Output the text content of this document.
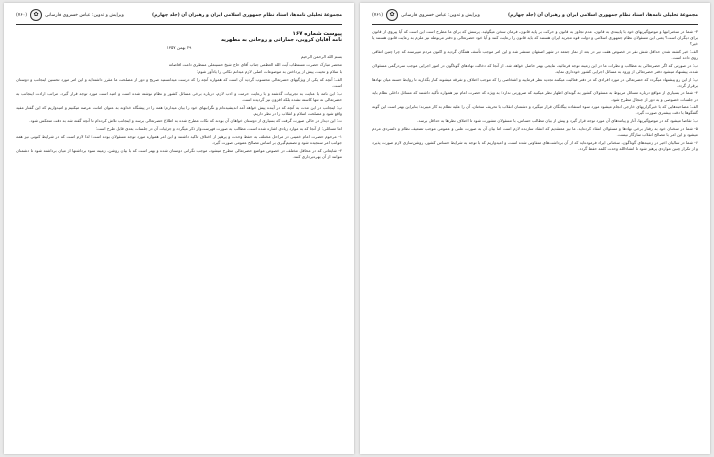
مجموعهٔ تحلیلی نامه‌ها، اسناد نظام جمهوری اسلامی ایران و رهبران آن (جلد چهارم)
ویرایش و تدوین: عباس خسروی فارسانی
✿
(۷۶۰)
پیوست شماره ۱۶۷
نامه آقایان کروبی، جماراتی و روحانی به مطهریه
۲۹ بهمن ۱۳۵۷

بسم الله الرحمن الرحیم

محضر مبارک حضرت مستطاب آیت الله العظمی جناب آقای حاج شیخ حسینعلی منتظری دامت افاضاته

با سلام و تحیت، پیش از پرداختن به موضوعات اصلی لازم میدانم نکاتی را یادآور شوم:

الف: آنچه که یکی از ویژگیهای حضرتعالی محسوب گردید آن است که همواره آنچه را که درست میدانستید صریح و دور از مصلحت ما مقرر داشته‌اید و این امر مورد تحسین اینجانب و دوستان است.

ب: این نامه با عنایت به تجربیات گذشته و با رعایت حرمت و ادب لازم، درباره برخی مسائل کشور و نظام نوشته شده است و امید است مورد توجه قرار گیرد. مراتب ارادت اینجانب به حضرتعالی نه تنها کاسته نشده بلکه افزون نیز گردیده است.

پ: اینجانب در این مدت به آنچه که در آینده پیش خواهد آمد اندیشیده‌ام و نگرانیهای خود را بیان میدارم؛ همه را در پیشگاه خداوند به عنوان امانت عرضه میکنیم و امیدواریم که این گفتار مفید واقع شود و مصلحت اسلام و انقلاب را در نظر داریم.

ث: این دیدار در حالی صورت گرفت که بسیاری از دوستان خواهان آن بودند که نکات مطرح شده به اطلاع حضرتعالی برسد و اینجانب تلاش کرده‌ام تا آنچه گفته شد به دقت منعکس شود.

اما مسائلی: از آنجا که به موارد زیادی اشاره شده است، مطالب به صورت فهرست‌وار ذکر میگردد و جزئیات آن در جلسات بعدی قابل طرح است:

۱- مرحوم حضرت امام خمینی در مراحل مختلف به حفظ وحدت و پرهیز از اختلاف تاکید داشتند و این امر همواره مورد توجه مسئولان بوده است؛ لذا لازم است که در شرایط کنونی نیز همه جوانب امر سنجیده شود و تصمیم‌گیری بر اساس مصالح عمومی صورت گیرد.

۲- شایعاتی که در محافل مختلف در خصوص مواضع حضرتعالی مطرح میشود، موجب نگرانی دوستان شده و بهتر است که با بیان روشن، زمینه سوء برداشتها از میان برداشته شود تا دشمنان نتوانند از آن بهره‌برداری کنند.

مجموعهٔ تحلیلی نامه‌ها، اسناد نظام جمهوری اسلامی ایران و رهبران آن (جلد چهارم)
ویرایش و تدوین: عباس خسروی فارسانی
✿
(۷۶۱)

۳- شما در سخنرانیها و موضع‌گیریهای خود با پایبندی به قانون، عدم تجاوز به قانون و حرکت بر پایه قانون، فرمان سخن میگوئید. پرسش که برای ما مطرح است این است که آیا پیروی از قانون برای دیگران است؟ یعنی این مسئولان نظام جمهوری اسلامی و دولت قوه مجریه ایران هستند که باید قانون را رعایت کنند و آیا خود حضرتعالی و دفتر مربوطه نیز ملزم به رعایت قانون هستند یا خیر؟

الف: خبر کشته شدن حداقل شش نفر در خصوص هفت تیر در بعد از نماز جمعه در شهر اصفهان منتشر شد و این امر موجب تأسف همگان گردید و اکنون مردم میپرسند که چرا چنین اتفاقی روی داده است.

ب: در صورتی که اگر حضرتعالی به مطالب و نظرات ما در این زمینه توجه فرمائید، نتایجی بهتر حاصل خواهد شد. از آنجا که دخالت نهادهای گوناگون در امور اجرایی موجب سردرگمی مسئولان شده، پیشنهاد میشود دفتر حضرتعالی از ورود به مسائل اجرایی کشور خودداری نماید.

پ: از این رو پیشنهاد میگردد که حضرتعالی در مورد افرادی که در دفتر فعالیت میکنند تجدید نظر فرمایید و اشخاصی را که موجب اختلاف و تفرقه میشوند کنار بگذارید تا روابط حسنه میان نهادها برقرار گردد.

۴- شما در بسیاری از مواقع درباره مسائل مربوط به مسئولان کشور به گونه‌ای اظهار نظر میکنید که ضرورتی ندارد؛ به ویژه که حضرت امام نیز همواره تأکید داشتند که مسائل داخلی نظام باید در جلسات خصوصی و به دور از جنجال مطرح شود.

الف: مصاحبه‌هایی که با خبرگزاریهای خارجی انجام میشود مورد سوء استفاده بیگانگان قرار میگیرد و دشمنان انقلاب با تحریف سخنان، آن را علیه نظام به کار میبرند؛ بنابراین بهتر است این گونه گفتگوها با دقت بیشتری صورت گیرد.

ب: تقاضا میشود که در موضع‌گیریها، آثار و پیامدهای آن مورد توجه قرار گیرد و پیش از بیان مطالب حساس، با مسئولان مشورت شود تا اختلاف نظرها به حداقل برسد.

۵- شما در سخنان خود به رفتار برخی نهادها و مسئولان انتقاد کرده‌اید. ما نیز معتقدیم که انتقاد سازنده لازم است اما بیان آن به صورت علنی و عمومی موجب تضعیف نظام و دلسردی مردم میشود و این امر با مصالح انقلاب سازگار نیست.

۶- شما در سالیان اخیر در زمینه‌های گوناگون، سخنانی ایراد فرموده‌اید که از آن برداشت‌های متفاوتی شده است، و امیدواریم که با توجه به شرایط حساس کشور، روشن‌سازی لازم صورت پذیرد و از تکرار چنین مواردی پرهیز شود تا انشاءالله وحدت کلمه حفظ گردد.
